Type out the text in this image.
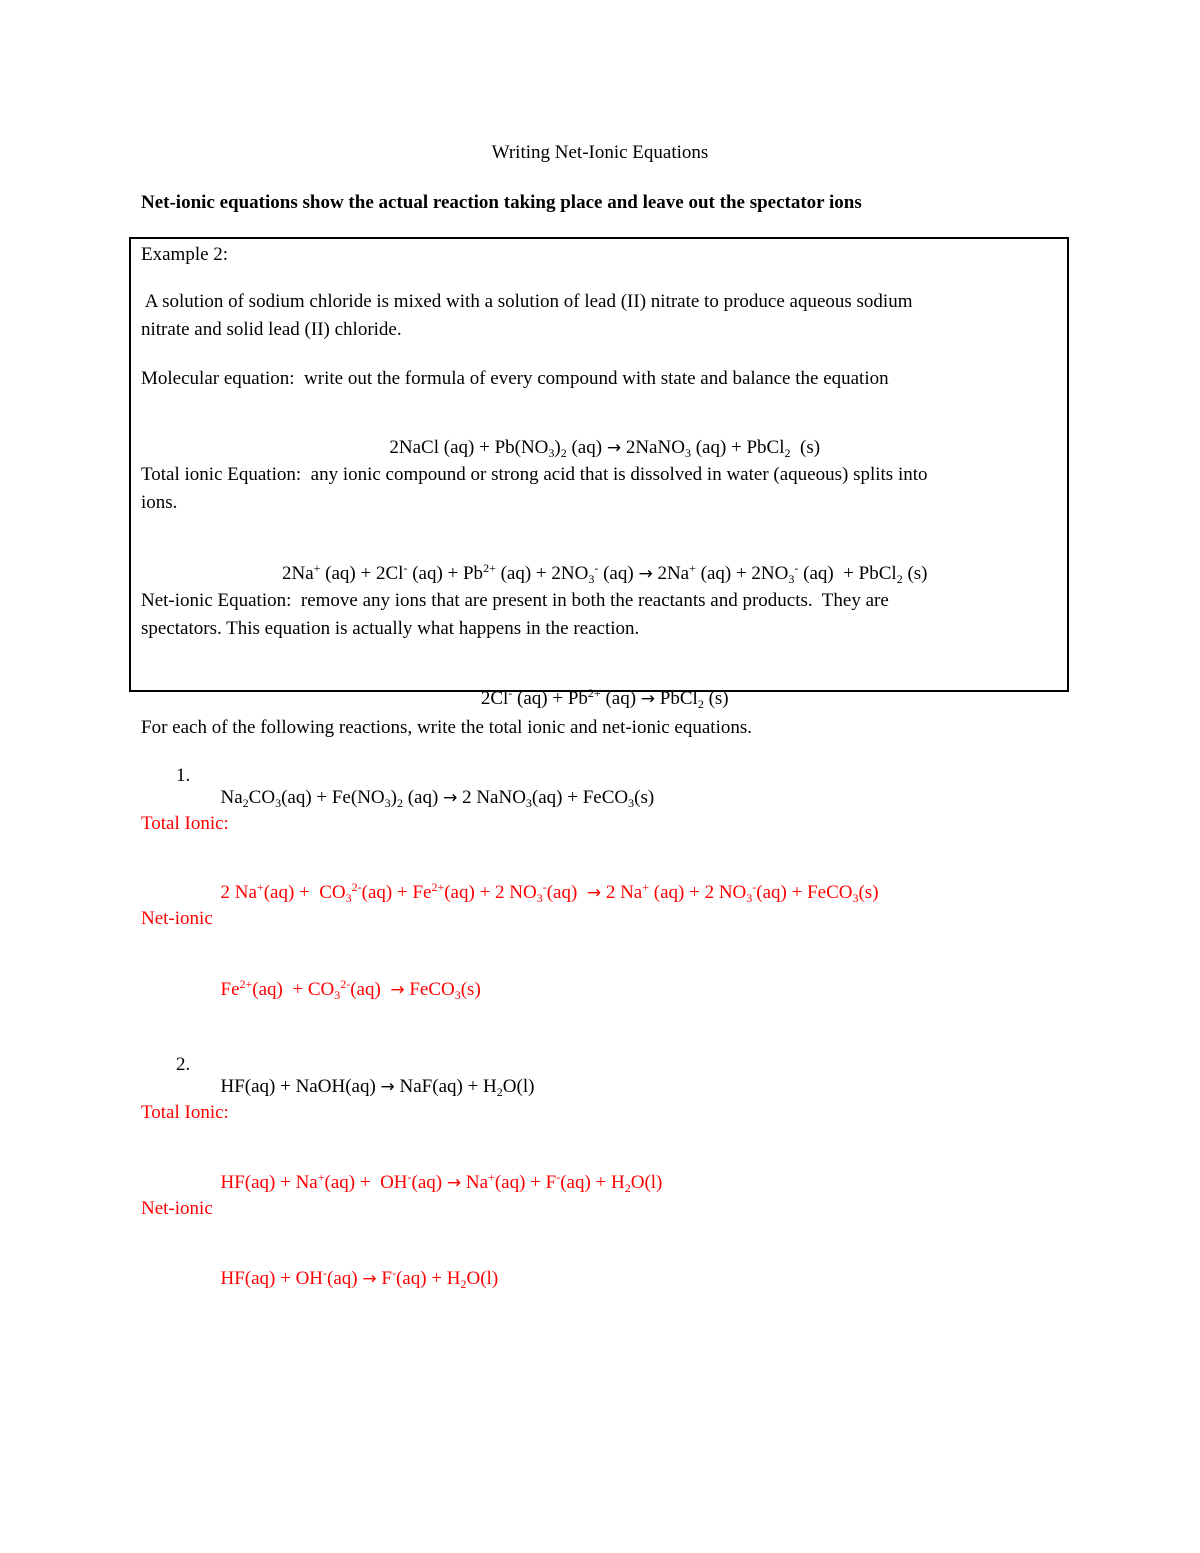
Writing Net-Ionic Equations
Net-ionic equations show the actual reaction taking place and leave out the spectator ions
Example 2:
A solution of sodium chloride is mixed with a solution of lead (II) nitrate to produce aqueous sodium
nitrate and solid lead (II) chloride.
Molecular equation:  write out the formula of every compound with state and balance the equation

2NaCl $(aq) + Pb(NO_3)_2$ (aq) → 2NaNO$_3$ (aq) + PbCl$_2$  (s)

Total ionic Equation:  any ionic compound or strong acid that is dissolved in water (aqueous) splits into
ions.

2Na+ (aq) + 2Cl- $(aq) + Pb^{2+}$ $(aq) + 2NO_3^-$ (aq) → 2Na+ $(aq) + 2NO_3^-$ (aq)  + PbCl$_2$ (s)

Net-ionic Equation:  remove any ions that are present in both the reactants and products.  They are
spectators. This equation is actually what happens in the reaction.

2Cl- $(aq) + Pb^{2+}$ (aq) → PbCl$_2$ (s)

For each of the following reactions, write the total ionic and net-ionic equations.
1.

$Na_2CO_3(aq) + Fe(NO_3)_2$ (aq) → 2 NaNO$_3$(aq) + FeCO$_3$(s)

Total Ionic:

2 $Na^+(aq) + CO_3^{2-}(aq) + Fe^{2+}(aq) + 2$ $NO_3^-(aq) \to 2$ Na+ (aq) + 2 $NO_3^-(aq)$ + FeCO$_3$(s)

Net-ionic

$Fe^{2+}(aq) + CO_3^{2-}(aq)$  → FeCO$_3$(s)

2.

HF(aq) + NaOH(aq) → $NaF(aq) + H_2O(l)$

Total Ionic:

$HF(aq) + Na^+(aq) + OH^-(aq) \to Na^+(aq) + F^-(aq) + H_2O(l)$

Net-ionic

$HF(aq) + OH^-(aq) \to F^-(aq) + H_2O(l)$
